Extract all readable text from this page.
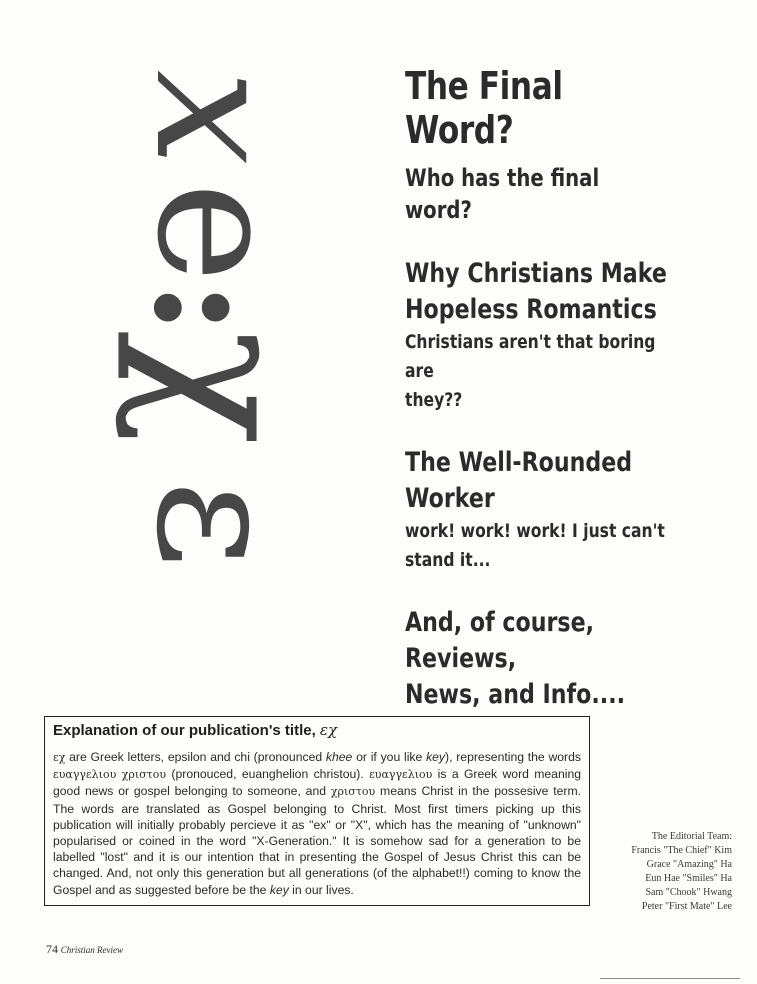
x
e
:
χ
ε
The Final Word?
Who has the final word?
Why Christians Make
Hopeless Romantics
Christians aren't that boring are
they??
The Well-Rounded
Worker
work! work! work! I just can't
stand it...
And, of course, Reviews,
News, and Info....
Explanation of our publication's title, εχ
εχ are Greek letters, epsilon and chi (pronounced khee or if you like key), representing the words ευαγγελιου χριστου (pronouced, euanghelion christou). ευαγγελιου is a Greek word meaning good news or gospel belonging to someone, and χριστου means Christ in the possesive term. The words are translated as Gospel belonging to Christ. Most first timers picking up this publication will initially probably percieve it as "ex" or "X", which has the meaning of "unknown" popularised or coined in the word "X-Generation." It is somehow sad for a generation to be labelled "lost" and it is our intention that in presenting the Gospel of Jesus Christ this can be changed. And, not only this generation but all generations (of the alphabet!!) coming to know the Gospel and as suggested before be the key in our lives.
The Editorial Team:
Francis "The Chief" Kim
Grace "Amazing" Ha
Eun Hae "Smiles" Ha
Sam "Chook" Hwang
Peter "First Mate" Lee
74 Christian Review
